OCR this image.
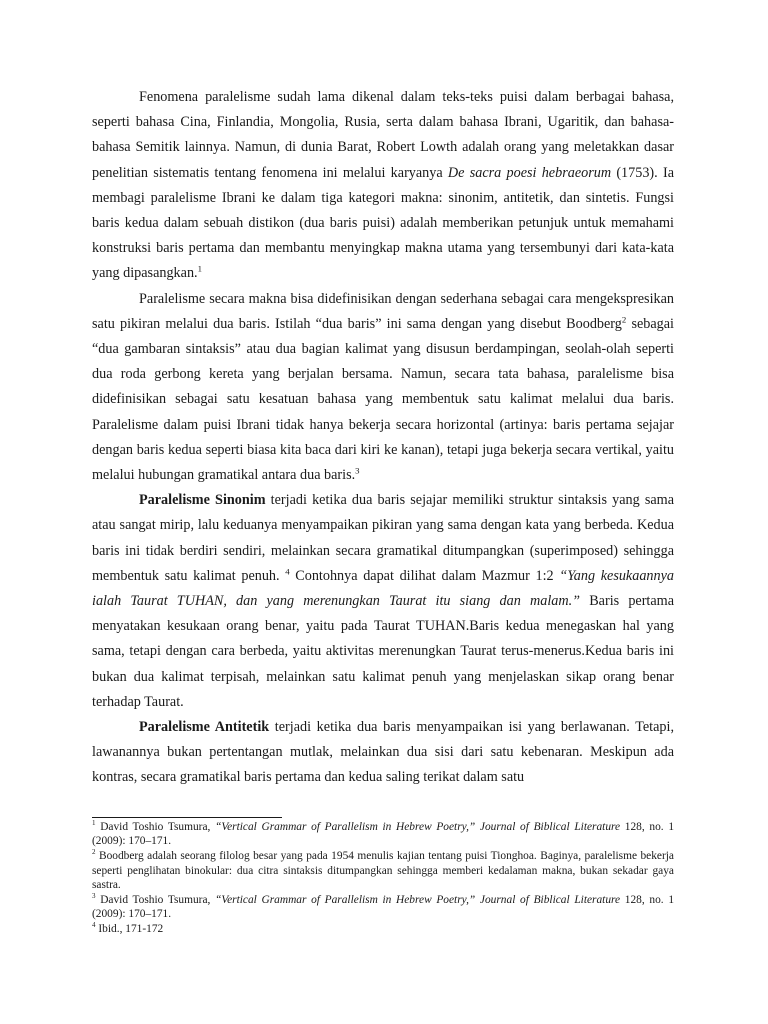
Fenomena paralelisme sudah lama dikenal dalam teks-teks puisi dalam berbagai bahasa, seperti bahasa Cina, Finlandia, Mongolia, Rusia, serta dalam bahasa Ibrani, Ugaritik, dan bahasa-bahasa Semitik lainnya. Namun, di dunia Barat, Robert Lowth adalah orang yang meletakkan dasar penelitian sistematis tentang fenomena ini melalui karyanya De sacra poesi hebraeorum (1753). Ia membagi paralelisme Ibrani ke dalam tiga kategori makna: sinonim, antitetik, dan sintetis. Fungsi baris kedua dalam sebuah distikon (dua baris puisi) adalah memberikan petunjuk untuk memahami konstruksi baris pertama dan membantu menyingkap makna utama yang tersembunyi dari kata-kata yang dipasangkan.$^1$

Paralelisme secara makna bisa didefinisikan dengan sederhana sebagai cara mengekspresikan satu pikiran melalui dua baris. Istilah “dua baris” ini sama dengan yang disebut Boodberg$^2$ sebagai “dua gambaran sintaksis” atau dua bagian kalimat yang disusun berdampingan, seolah-olah seperti dua roda gerbong kereta yang berjalan bersama. Namun, secara tata bahasa, paralelisme bisa didefinisikan sebagai satu kesatuan bahasa yang membentuk satu kalimat melalui dua baris. Paralelisme dalam puisi Ibrani tidak hanya bekerja secara horizontal (artinya: baris pertama sejajar dengan baris kedua seperti biasa kita baca dari kiri ke kanan), tetapi juga bekerja secara vertikal, yaitu melalui hubungan gramatikal antara dua baris.$^3$

Paralelisme Sinonim terjadi ketika dua baris sejajar memiliki struktur sintaksis yang sama atau sangat mirip, lalu keduanya menyampaikan pikiran yang sama dengan kata yang berbeda. Kedua baris ini tidak berdiri sendiri, melainkan secara gramatikal ditumpangkan (superimposed) sehingga membentuk satu kalimat penuh. $^4$ Contohnya dapat dilihat dalam Mazmur 1:2 “Yang kesukaannya ialah Taurat TUHAN, dan yang merenungkan Taurat itu siang dan malam.” Baris pertama menyatakan kesukaan orang benar, yaitu pada Taurat TUHAN.Baris kedua menegaskan hal yang sama, tetapi dengan cara berbeda, yaitu aktivitas merenungkan Taurat terus-menerus.Kedua baris ini bukan dua kalimat terpisah, melainkan satu kalimat penuh yang menjelaskan sikap orang benar terhadap Taurat.

Paralelisme Antitetik terjadi ketika dua baris menyampaikan isi yang berlawanan. Tetapi, lawanannya bukan pertentangan mutlak, melainkan dua sisi dari satu kebenaran. Meskipun ada kontras, secara gramatikal baris pertama dan kedua saling terikat dalam satu

$^1$ David Toshio Tsumura, “Vertical Grammar of Parallelism in Hebrew Poetry,” Journal of Biblical Literature 128, no. 1 (2009): 170–171.
$^2$ Boodberg adalah seorang filolog besar yang pada 1954 menulis kajian tentang puisi Tionghoa. Baginya, paralelisme bekerja seperti penglihatan binokular: dua citra sintaksis ditumpangkan sehingga memberi kedalaman makna, bukan sekadar gaya sastra.
$^3$ David Toshio Tsumura, “Vertical Grammar of Parallelism in Hebrew Poetry,” Journal of Biblical Literature 128, no. 1 (2009): 170–171.
$^4$ Ibid., 171-172
